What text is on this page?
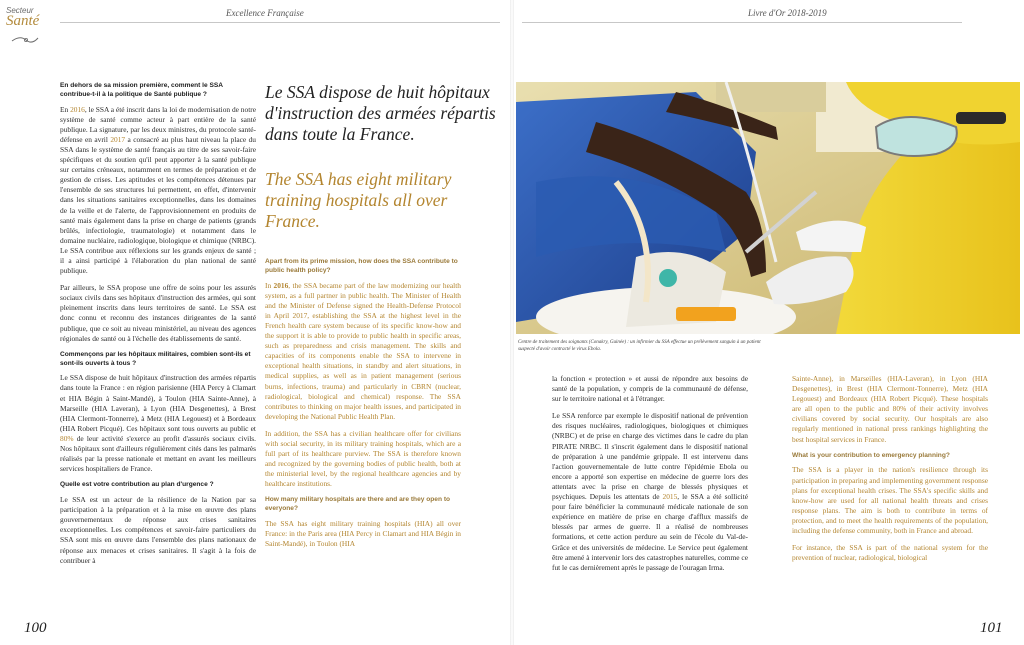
Secteur
Santé	Excellence Française
En dehors de sa mission première, comment le SSA contribue-t-il à la politique de Santé publique ?

En 2016, le SSA a été inscrit dans la loi de modernisation de notre système de santé comme acteur à part entière de la santé publique. La signature, par les deux ministres, du protocole santé-défense en avril 2017 a consacré au plus haut niveau la place du SSA dans le système de santé français au titre de ses savoir-faire spécifiques et du soutien qu'il peut apporter à la santé publique sur certains créneaux, notamment en termes de préparation et de gestion de crises. Les aptitudes et les compétences détenues par l'ensemble de ses structures lui permettent, en effet, d'intervenir dans les situations sanitaires exceptionnelles, dans les domaines de la veille et de l'alerte, de l'approvisionnement en produits de santé mais également dans la prise en charge de patients (grands brûlés, infectiologie, traumatologie) et notamment dans le domaine nucléaire, radiologique, biologique et chimique (NRBC). Le SSA contribue aux réflexions sur les grands enjeux de santé ; il a ainsi participé à l'élaboration du plan national de santé publique.

Par ailleurs, le SSA propose une offre de soins pour les assurés sociaux civils dans ses hôpitaux d'instruction des armées, qui sont pleinement inscrits dans leurs territoires de santé. Le SSA est donc connu et reconnu des instances dirigeantes de la santé publique, que ce soit au niveau ministériel, au niveau des agences régionales de santé ou à l'échelle des établissements de santé.

Commençons par les hôpitaux militaires, combien sont-ils et sont-ils ouverts à tous ?

Le SSA dispose de huit hôpitaux d'instruction des armées répartis dans toute la France : en région parisienne (HIA Percy à Clamart et HIA Bégin à Saint-Mandé), à Toulon (HIA Sainte-Anne), à Marseille (HIA Laveran), à Lyon (HIA Desgenettes), à Brest (HIA Clermont-Tonnerre), à Metz (HIA Legouest) et à Bordeaux (HIA Robert Picqué). Ces hôpitaux sont tous ouverts au public et 80% de leur activité s'exerce au profit d'assurés sociaux civils. Nos hôpitaux sont d'ailleurs régulièrement cités dans les palmarès réalisés par la presse nationale et mettant en avant les meilleurs services hospitaliers de France.

Quelle est votre contribution au plan d'urgence ?

Le SSA est un acteur de la résilience de la Nation par sa participation à la préparation et à la mise en œuvre des plans gouvernementaux de réponse aux crises sanitaires exceptionnelles. Les compétences et savoir-faire particuliers du SSA sont mis en œuvre dans l'ensemble des plans nationaux de réponse aux menaces et crises sanitaires. Il s'agit à la fois de contribuer à

Le SSA dispose de huit hôpitaux d'instruction des armées répartis dans toute la France.
The SSA has eight military training hospitals all over France.
Apart from its prime mission, how does the SSA contribute to public health policy?

In 2016, the SSA became part of the law modernizing our health system, as a full partner in public health. The Minister of Health and the Minister of Defense signed the Health-Defense Protocol in April 2017, establishing the SSA at the highest level in the French health care system because of its specific know-how and the support it is able to provide to public health in specific areas, such as preparedness and crisis management. The skills and capacities of its components enable the SSA to intervene in exceptional health situations, in standby and alert situations, in medical supplies, as well as in patient management (serious burns, infections, trauma) and particularly in CBRN (nuclear, radiological, biological and chemical) response. The SSA contributes to thinking on major health issues, and participated in developing the National Public Health Plan.

In addition, the SSA has a civilian healthcare offer for civilians with social security, in its military training hospitals, which are a full part of its healthcare purview. The SSA is therefore known and recognized by the governing bodies of public health, both at the ministerial level, by the regional healthcare agencies and by healthcare institutions.

How many military hospitals are there and are they open to everyone?

The SSA has eight military training hospitals (HIA) all over France: in the Paris area (HIA Percy in Clamart and HIA Bégin in Saint-Mandé), in Toulon (HIA

100
Livre d'Or 2018-2019
Centre de traitement des soignants (Conakry, Guinée) : un infirmier du SSA effectue un prélèvement sanguin à un patient suspecté d'avoir contracté le virus Ebola.

la fonction « protection » et aussi de répondre aux besoins de santé de la population, y compris de la communauté de défense, sur le territoire national et à l'étranger.

Le SSA renforce par exemple le dispositif national de prévention des risques nucléaires, radiologiques, biologiques et chimiques (NRBC) et de prise en charge des victimes dans le cadre du plan PIRATE NRBC. Il s'inscrit également dans le dispositif national de préparation à une pandémie grippale. Il est intervenu dans l'action gouvernementale de lutte contre l'épidémie Ebola ou encore a apporté son expertise en médecine de guerre lors des attentats avec la prise en charge de blessés physiques et psychiques. Depuis les attentats de 2015, le SSA a été sollicité pour faire bénéficier la communauté médicale nationale de son expérience en matière de prise en charge d'afflux massifs de blessés par armes de guerre. Il a réalisé de nombreuses formations, et cette action perdure au sein de l'école du Val-de-Grâce et des universités de médecine. Le Service peut également être amené à intervenir lors des catastrophes naturelles, comme ce fut le cas dernièrement après le passage de l'ouragan Irma.

Sainte-Anne), in Marseilles (HIA-Laveran), in Lyon (HIA Desgenettes), in Brest (HIA Clermont-Tonnerre), Metz (HIA Legouest) and Bordeaux (HIA Robert Picqué). These hospitals are all open to the public and 80% of their activity involves civilians covered by social security. Our hospitals are also regularly mentioned in national press rankings highlighting the best hospital services in France.

What is your contribution to emergency planning?

The SSA is a player in the nation's resilience through its participation in preparing and implementing government response plans for exceptional health crises. The SSA's specific skills and know-how are used for all national health threats and crises response plans. The aim is both to contribute in terms of protection, and to meet the health requirements of the population, including the defense community, both in France and abroad.

For instance, the SSA is part of the national system for the prevention of nuclear, radiological, biological

101
